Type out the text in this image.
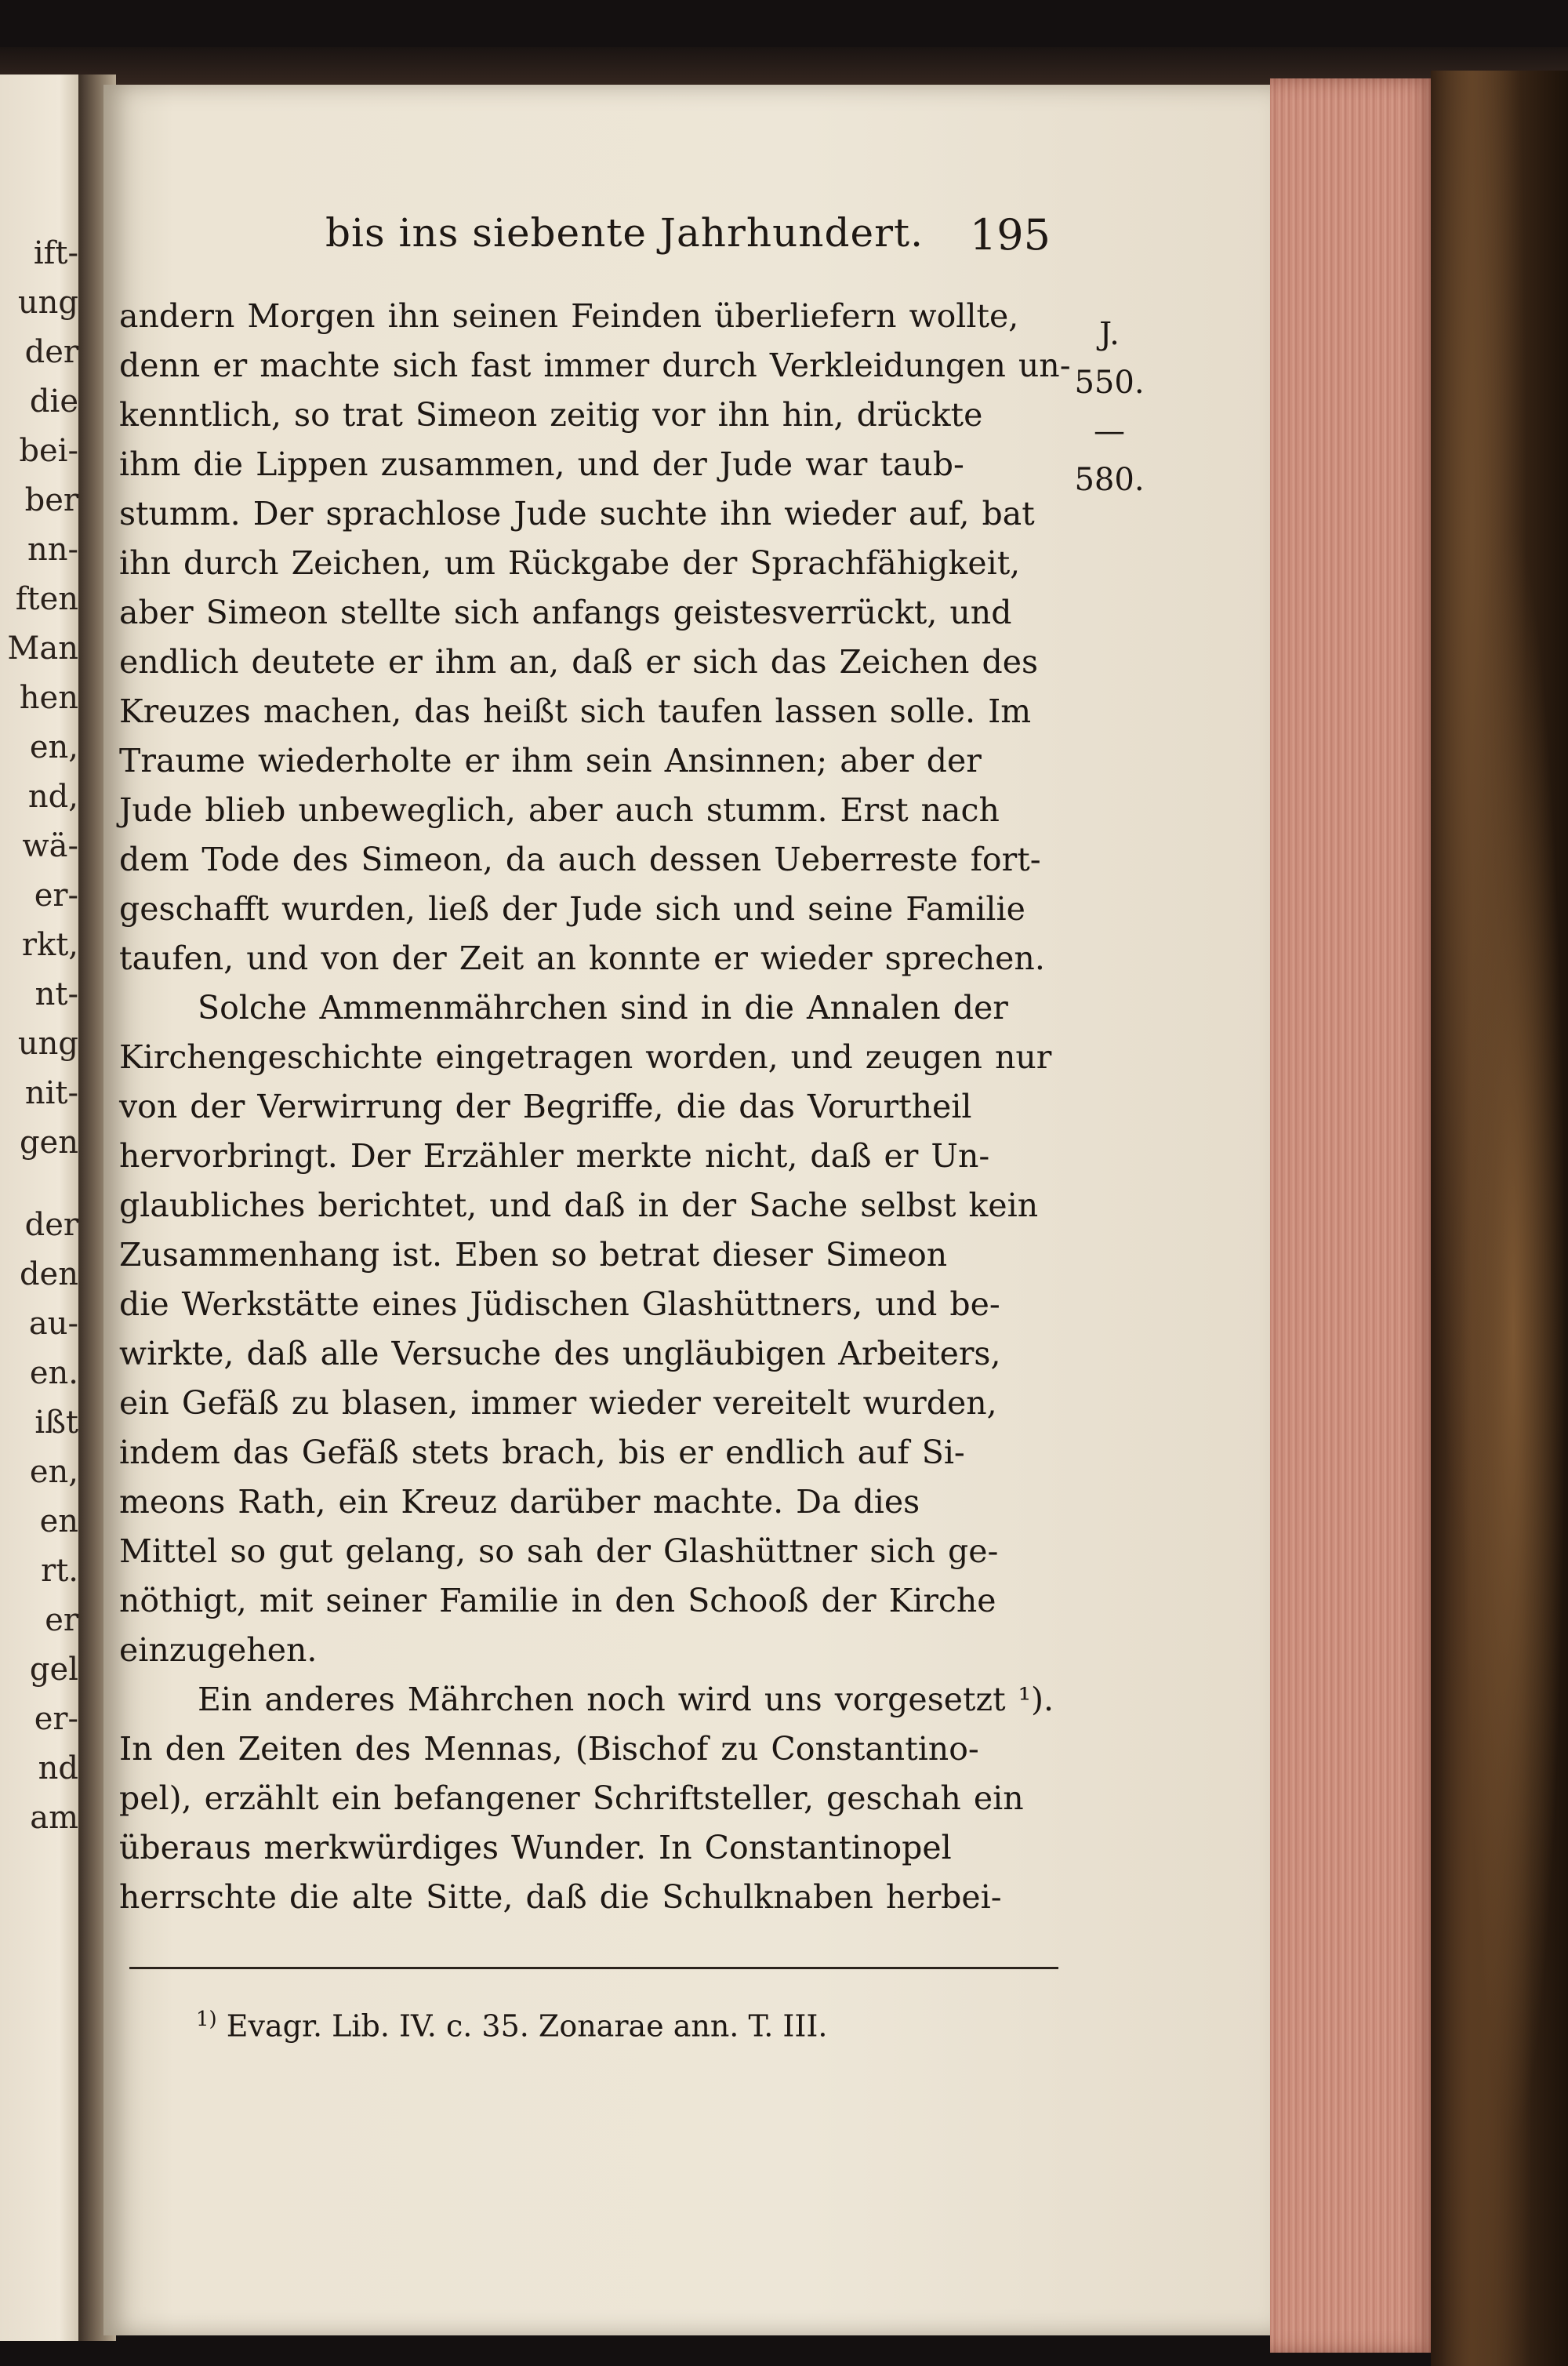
ift-
ung
der
die
bei-
ber
nn-
ften
Man
hen
en,
nd,
wä-
er-
rkt,
nt-
ung
nit-
gen
der
den
au-
en.
ißt
en,
en
rt.
er
gel
er-
nd
am
bis ins siebente Jahrhundert. 195
J.
550.
—
580.
andern Morgen ihn seinen Feinden überliefern wollte,
denn er machte sich fast immer durch Verkleidungen un-
kenntlich, so trat Simeon zeitig vor ihn hin, drückte
ihm die Lippen zusammen, und der Jude war taub-
stumm. Der sprachlose Jude suchte ihn wieder auf, bat
ihn durch Zeichen, um Rückgabe der Sprachfähigkeit,
aber Simeon stellte sich anfangs geistesverrückt, und
endlich deutete er ihm an, daß er sich das Zeichen des
Kreuzes machen, das heißt sich taufen lassen solle. Im
Traume wiederholte er ihm sein Ansinnen; aber der
Jude blieb unbeweglich, aber auch stumm. Erst nach
dem Tode des Simeon, da auch dessen Ueberreste fort-
geschafft wurden, ließ der Jude sich und seine Familie
taufen, und von der Zeit an konnte er wieder sprechen.
Solche Ammenmährchen sind in die Annalen der
Kirchengeschichte eingetragen worden, und zeugen nur
von der Verwirrung der Begriffe, die das Vorurtheil
hervorbringt. Der Erzähler merkte nicht, daß er Un-
glaubliches berichtet, und daß in der Sache selbst kein
Zusammenhang ist. Eben so betrat dieser Simeon
die Werkstätte eines Jüdischen Glashüttners, und be-
wirkte, daß alle Versuche des ungläubigen Arbeiters,
ein Gefäß zu blasen, immer wieder vereitelt wurden,
indem das Gefäß stets brach, bis er endlich auf Si-
meons Rath, ein Kreuz darüber machte. Da dies
Mittel so gut gelang, so sah der Glashüttner sich ge-
nöthigt, mit seiner Familie in den Schooß der Kirche
einzugehen.
Ein anderes Mährchen noch wird uns vorgesetzt ¹).
In den Zeiten des Mennas, (Bischof zu Constantino-
pel), erzählt ein befangener Schriftsteller, geschah ein
überaus merkwürdiges Wunder. In Constantinopel
herrschte die alte Sitte, daß die Schulknaben herbei-
$^{1)}$ Evagr. Lib. IV. c. 35. Zonarae ann. T. III.
